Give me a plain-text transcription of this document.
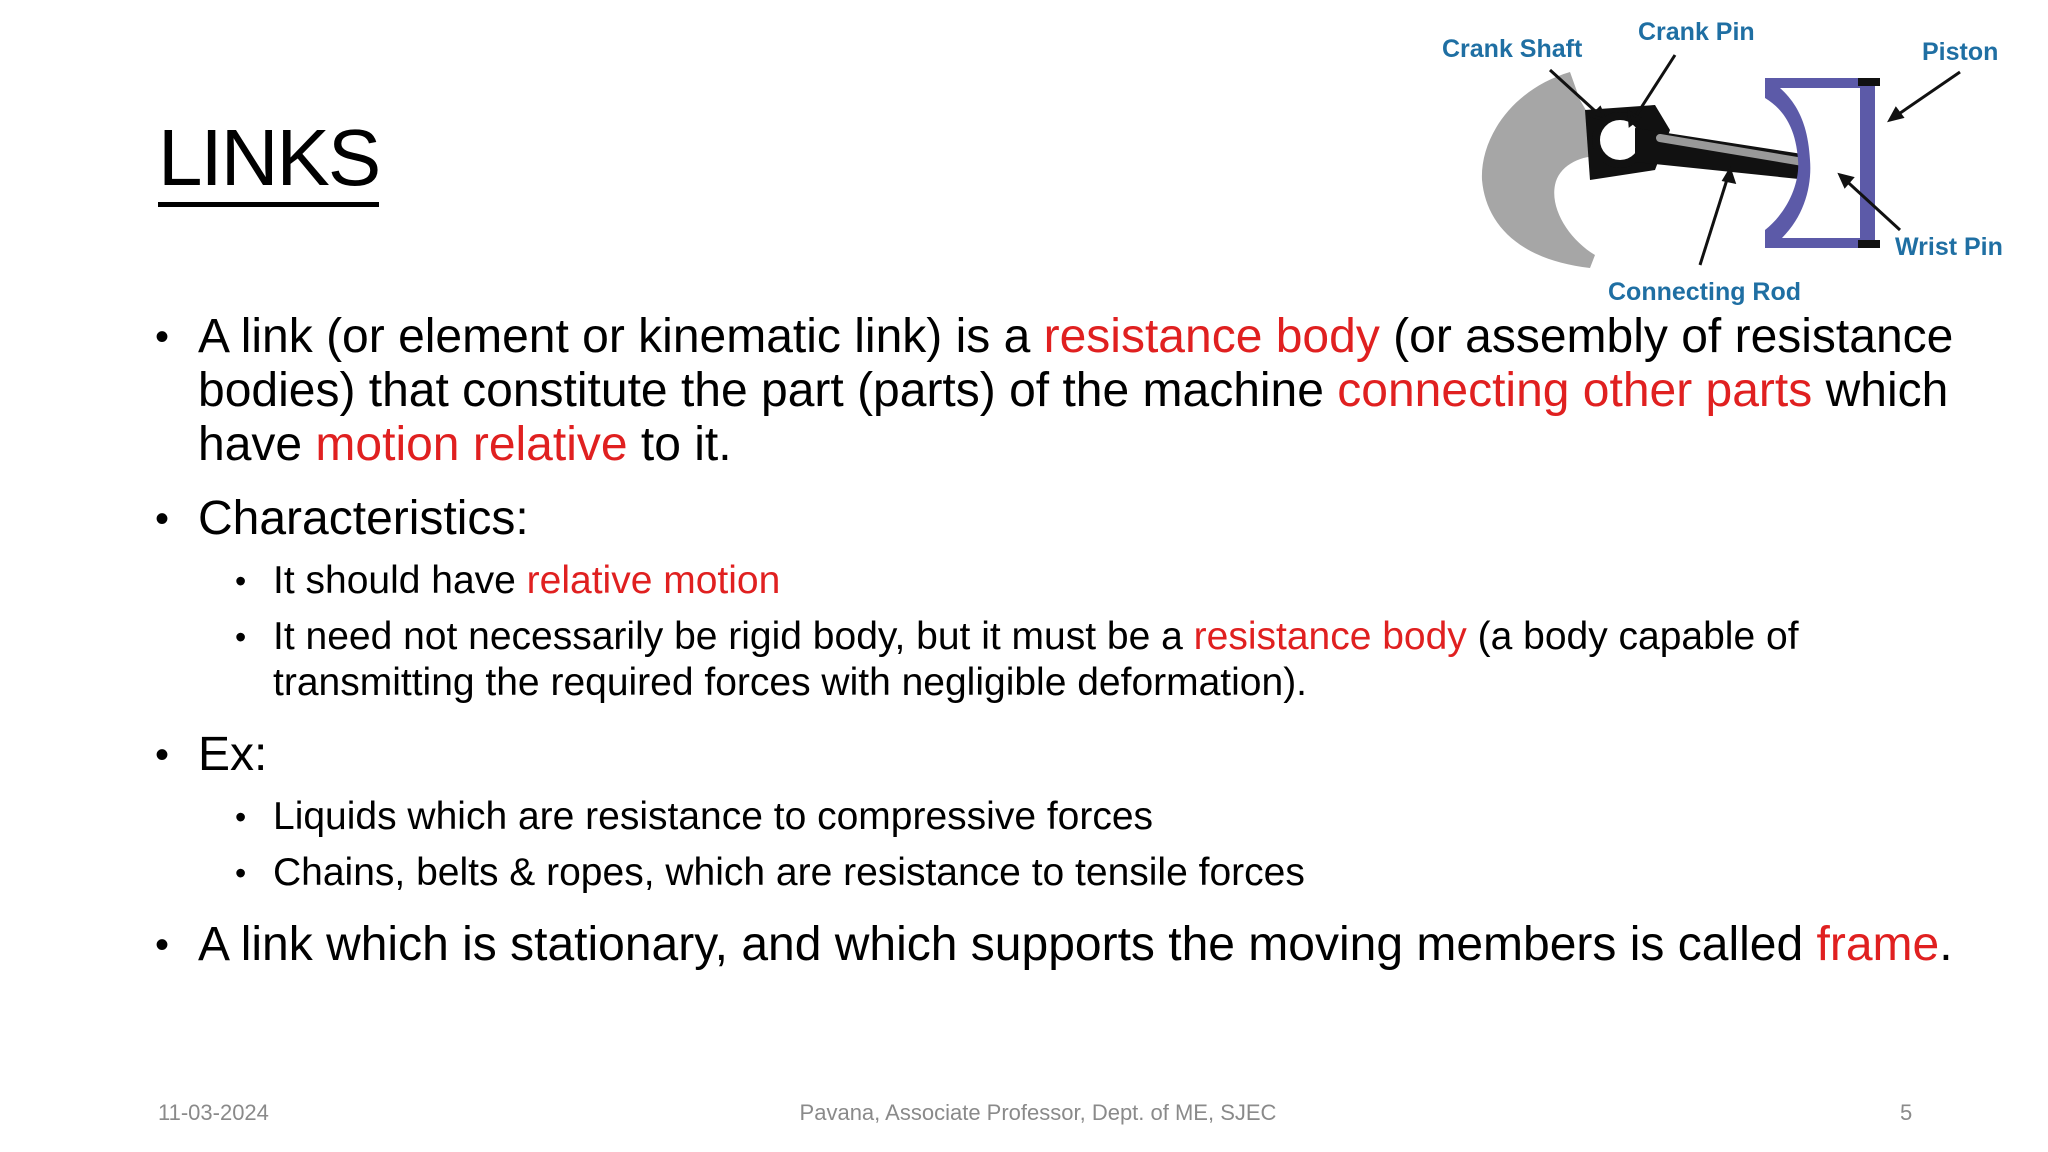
LINKS
Crank Shaft
Crank Pin
Piston
Wrist Pin
Connecting Rod
• A link (or element or kinematic link) is a resistance body (or assembly of resistance bodies) that constitute the part (parts) of the machine connecting other parts which have motion relative to it.
• Characteristics:
• It should have relative motion
• It need not necessarily be rigid body, but it must be a resistance body (a body capable of transmitting the required forces with negligible deformation).
• Ex:
• Liquids which are resistance to compressive forces
• Chains, belts & ropes, which are resistance to tensile forces
• A link which is stationary, and which supports the moving members is called frame.
11-03-2024	Pavana, Associate Professor, Dept. of ME, SJEC	5
